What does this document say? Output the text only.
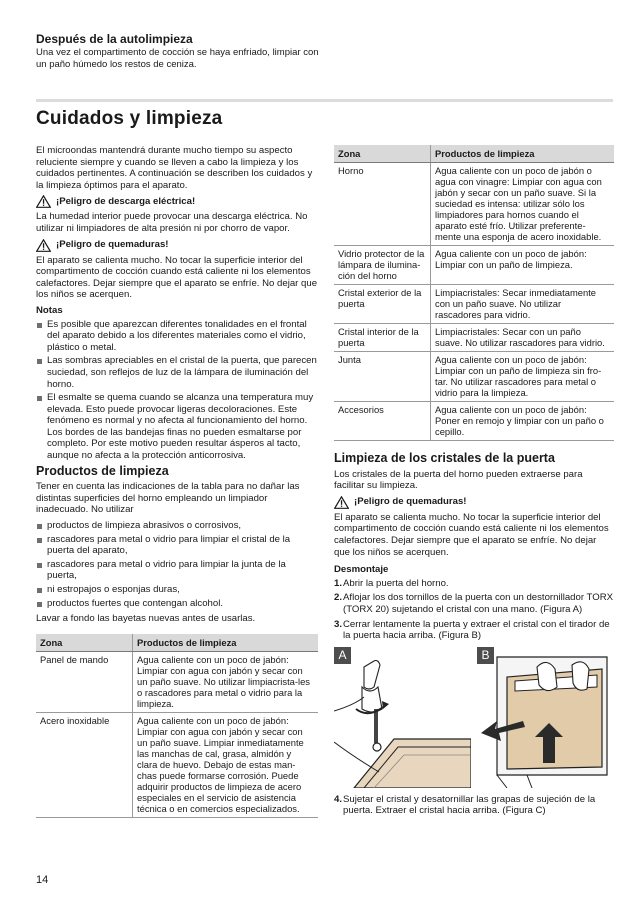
Después de la autolimpieza
Una vez el compartimento de cocción se haya enfriado, limpiar con un paño húmedo los restos de ceniza.
Cuidados y limpieza

El microondas mantendrá durante mucho tiempo su aspecto reluciente siempre y cuando se lleven a cabo la limpieza y los cuidados pertinentes. A continuación se describen los cuidados y la limpieza óptimos para el aparato.

¡Peligro de descarga eléctrica!

La humedad interior puede provocar una descarga eléctrica. No utilizar ni limpiadores de alta presión ni por chorro de vapor.

¡Peligro de quemaduras!

El aparato se calienta mucho. No tocar la superficie interior del compartimento de cocción cuando está caliente ni los elementos calefactores. Dejar siempre que el aparato se enfríe. No dejar que los niños se acerquen.

Notas
Es posible que aparezcan diferentes tonalidades en el frontal del aparato debido a los diferentes materiales como el vidrio, plástico o metal.
Las sombras apreciables en el cristal de la puerta, que parecen suciedad, son reflejos de luz de la lámpara de iluminación del horno.
El esmalte se quema cuando se alcanza una temperatura muy elevada. Esto puede provocar ligeras decoloraciones. Este fenómeno es normal y no afecta al funcionamiento del horno. Los bordes de las bandejas finas no pueden esmaltarse por completo. Por este motivo pueden resultar ásperos al tacto, aunque no afecta a la protección anticorrosiva.
Productos de limpieza

Tener en cuenta las indicaciones de la tabla para no dañar las distintas superficies del horno empleando un limpiador inadecuado. No utilizar

productos de limpieza abrasivos o corrosivos,
rascadores para metal o vidrio para limpiar el cristal de la puerta del aparato,
rascadores para metal o vidrio para limpiar la junta de la puerta,
ni estropajos o esponjas duras,
productos fuertes que contengan alcohol.

Lavar a fondo las bayetas nuevas antes de usarlas.

Zona	Productos de limpieza
Panel de mando	Agua caliente con un poco de jabón: Limpiar con agua con jabón y secar con un paño suave. No utilizar limpiacrista-les o rascadores para metal o vidrio para la limpieza.
Acero inoxidable	Agua caliente con un poco de jabón: Limpiar con agua con jabón y secar con un paño suave. Limpiar inmediatamente las manchas de cal, grasa, almidón y clara de huevo. Debajo de estas man-chas puede formarse corrosión. Puede adquirir productos de limpieza de acero especiales en el servicio de asistencia técnica o en comercios especializados.
Zona	Productos de limpieza
Horno	Agua caliente con un poco de jabón o agua con vinagre: Limpiar con agua con jabón y secar con un paño suave. Si la suciedad es intensa: utilizar sólo los limpiadores para hornos cuando el aparato esté frío. Utilizar preferente-mente una esponja de acero inoxidable.
Vidrio protector de la lámpara de ilumina-ción del horno	Agua caliente con un poco de jabón: Limpiar con un paño de limpieza.
Cristal exterior de la puerta	Limpiacristales: Secar inmediatamente con un paño suave. No utilizar rascadores para vidrio.
Cristal interior de la puerta	Limpiacristales: Secar con un paño suave. No utilizar rascadores para vidrio.
Junta	Agua caliente con un poco de jabón: Limpiar con un paño de limpieza sin fro-tar. No utilizar rascadores para metal o vidrio para la limpieza.
Accesorios	Agua caliente con un poco de jabón: Poner en remojo y limpiar con un paño o cepillo.
Limpieza de los cristales de la puerta

Los cristales de la puerta del horno pueden extraerse para facilitar su limpieza.

¡Peligro de quemaduras!

El aparato se calienta mucho. No tocar la superficie interior del compartimento de cocción cuando está caliente ni los elementos calefactores. Dejar siempre que el aparato se enfríe. No dejar que los niños se acerquen.

Desmontaje
1. Abrir la puerta del horno.
2. Aflojar los dos tornillos de la puerta con un destornillador TORX (TORX 20) sujetando el cristal con una mano. (Figura A)
3. Cerrar lentamente la puerta y extraer el cristal con el tirador de la puerta hacia arriba. (Figura B)
A	B
4. Sujetar el cristal y desatornillar las grapas de sujeción de la puerta. Extraer el cristal hacia arriba. (Figura C)
14
